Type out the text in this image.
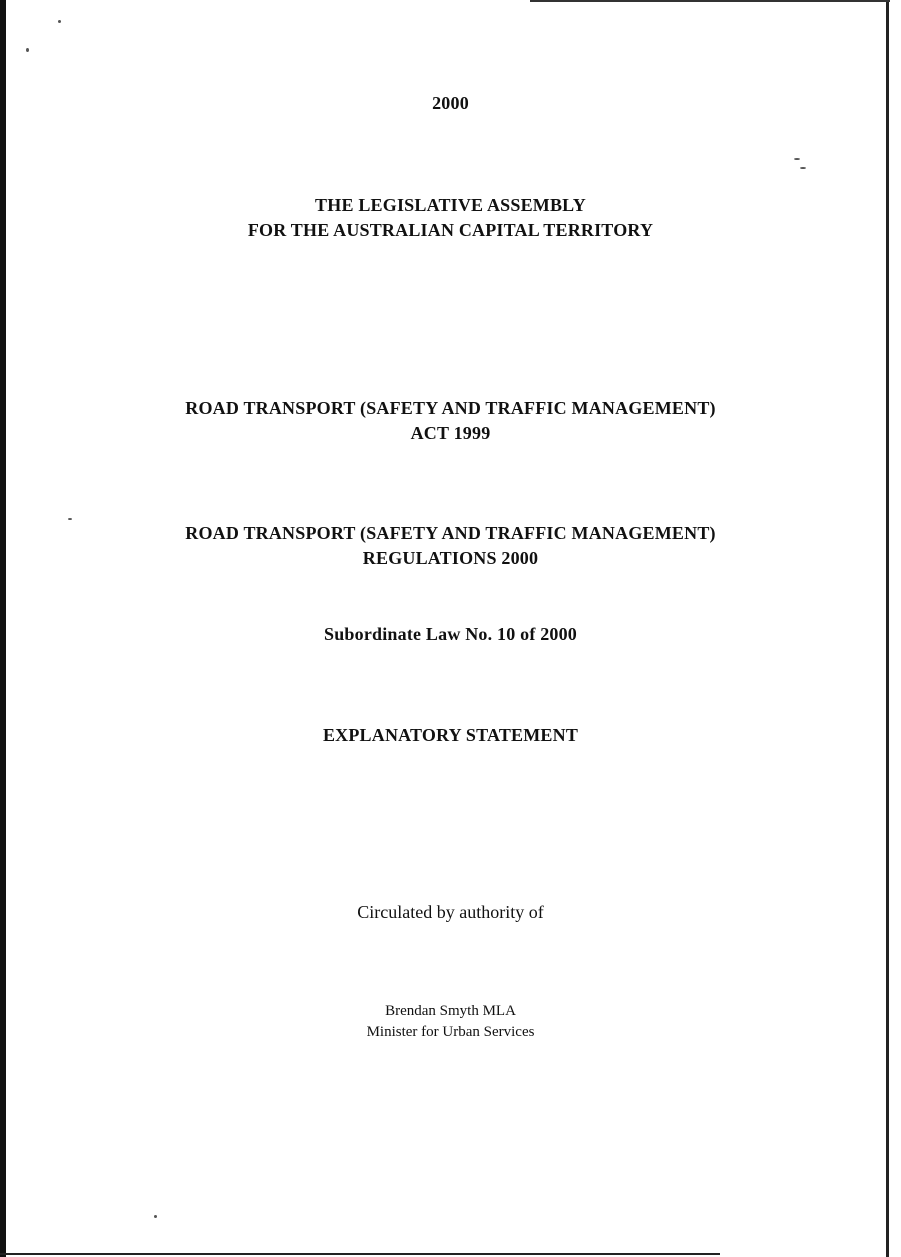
2000
THE LEGISLATIVE ASSEMBLY
FOR THE AUSTRALIAN CAPITAL TERRITORY
ROAD TRANSPORT (SAFETY AND TRAFFIC MANAGEMENT)
ACT 1999
ROAD TRANSPORT (SAFETY AND TRAFFIC MANAGEMENT)
REGULATIONS 2000
Subordinate Law No. 10 of 2000
EXPLANATORY STATEMENT
Circulated by authority of
Brendan Smyth MLA
Minister for Urban Services
